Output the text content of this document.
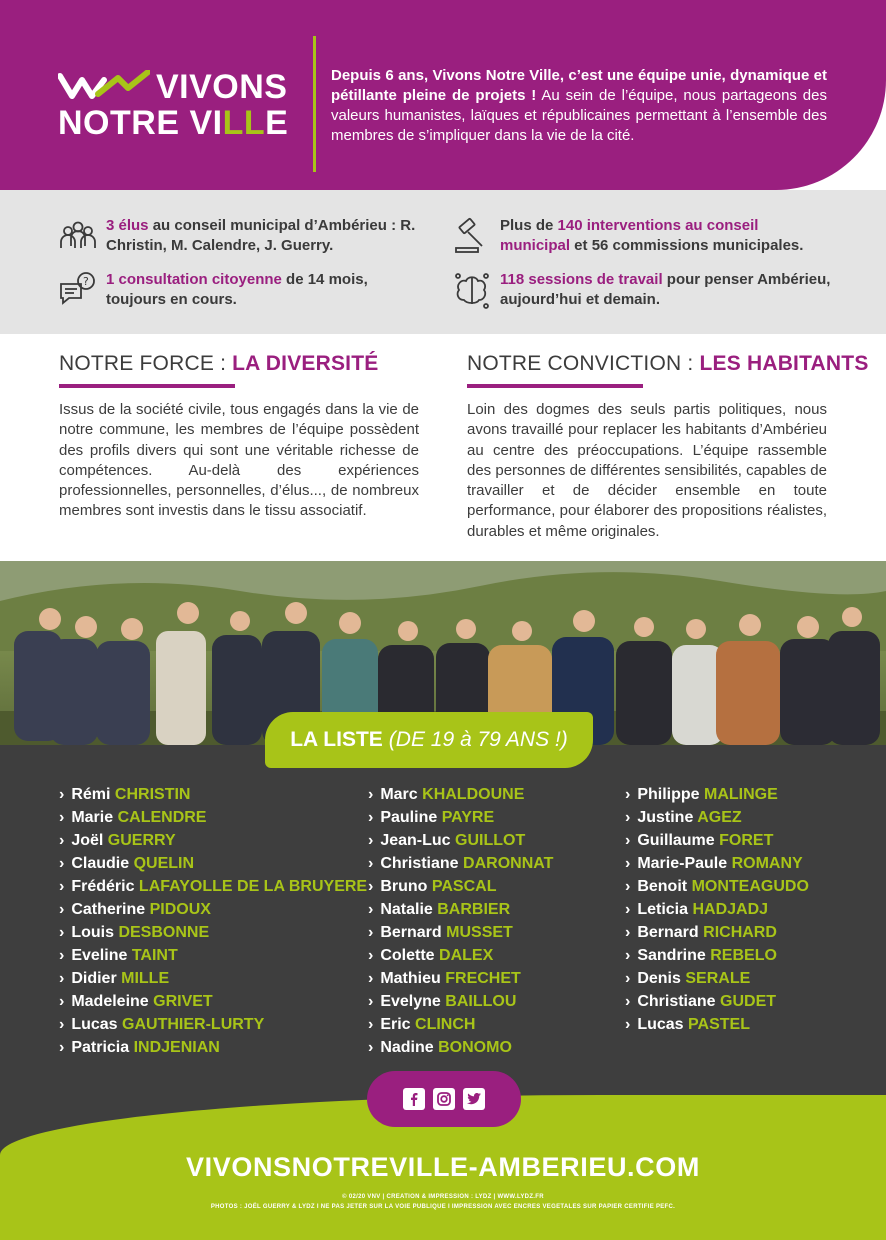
VIVONS
NOTRE VILLE
Depuis 6 ans, Vivons Notre Ville, c’est une équipe unie, dynamique et pétillante pleine de projets ! Au sein de l’équipe, nous partageons des valeurs humanistes, laïques et républicaines permettant à l’ensemble des membres de s’impliquer dans la vie de la cité.
3 élus au conseil municipal d’Ambérieu : R. Christin, M. Calendre, J. Guerry.
Plus de 140 interventions au conseil municipal et 56 commissions municipales.
? 1 consultation citoyenne de 14 mois, toujours en cours.
118 sessions de travail pour penser Ambérieu, aujourd’hui et demain.
NOTRE FORCE : LA DIVERSITÉ

Issus de la société civile, tous engagés dans la vie de notre commune, les membres de l’équipe possèdent des profils divers qui sont une véritable richesse de compétences. Au-delà des expériences professionnelles, personnelles, d’élus..., de nombreux membres sont investis dans le tissu associatif.

NOTRE CONVICTION : LES HABITANTS

Loin des dogmes des seuls partis politiques, nous avons travaillé pour replacer les habitants d’Ambérieu au centre des préoccupations. L’équipe rassemble des personnes de différentes sensibilités, capables de travailler et de décider ensemble en toute performance, pour élaborer des propositions réalistes, durables et même originales.

LA LISTE (DE 19 à 79 ANS !)
› Rémi CHRISTIN
› Marie CALENDRE
› Joël GUERRY
› Claudie QUELIN
› Frédéric LAFAYOLLE DE LA BRUYERE
› Catherine PIDOUX
› Louis DESBONNE
› Eveline TAINT
› Didier MILLE
› Madeleine GRIVET
› Lucas GAUTHIER-LURTY
› Patricia INDJENIAN
› Marc KHALDOUNE
› Pauline PAYRE
› Jean-Luc GUILLOT
› Christiane DARONNAT
› Bruno PASCAL
› Natalie BARBIER
› Bernard MUSSET
› Colette DALEX
› Mathieu FRECHET
› Evelyne BAILLOU
› Eric CLINCH
› Nadine BONOMO
› Philippe MALINGE
› Justine AGEZ
› Guillaume FORET
› Marie-Paule ROMANY
› Benoit MONTEAGUDO
› Leticia HADJADJ
› Bernard RICHARD
› Sandrine REBELO
› Denis SERALE
› Christiane GUDET
› Lucas PASTEL
VIVONSNOTREVILLE-AMBERIEU.COM
© 02/20 VNV | CREATION & IMPRESSION : LYDZ | WWW.LYDZ.FR
PHOTOS : JOËL GUERRY & LYDZ I NE PAS JETER SUR LA VOIE PUBLIQUE I IMPRESSION AVEC ENCRES VEGETALES SUR PAPIER CERTIFIE PEFC.
